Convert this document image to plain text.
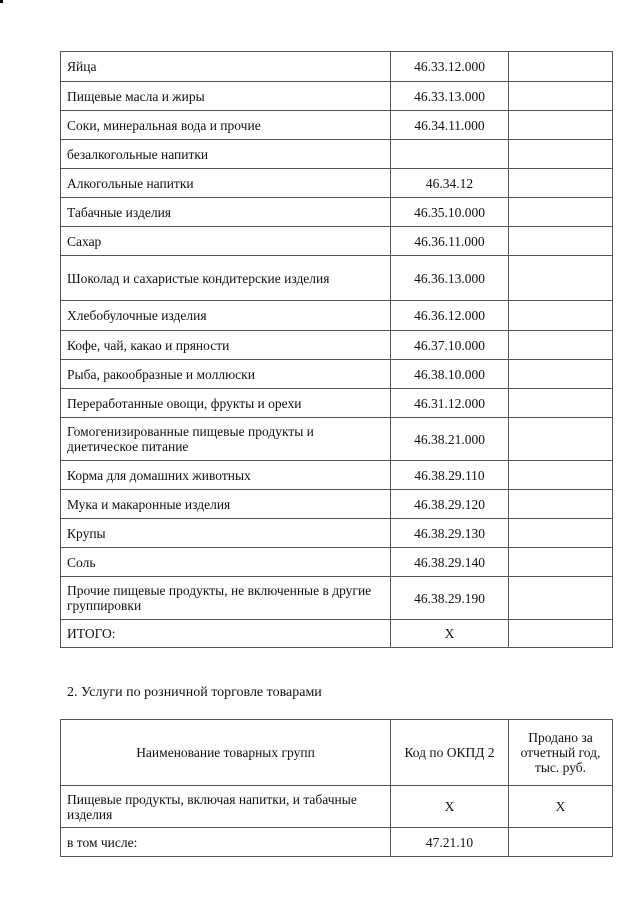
Яйца	46.33.12.000	
Пищевые масла и жиры	46.33.13.000	
Соки, минеральная вода и прочие	46.34.11.000	
безалкогольные напитки		
Алкогольные напитки	46.34.12	
Табачные изделия	46.35.10.000	
Сахар	46.36.11.000	
Шоколад и сахаристые кондитерские изделия	46.36.13.000	
Хлебобулочные изделия	46.36.12.000	
Кофе, чай, какао и пряности	46.37.10.000	
Рыба, ракообразные и моллюски	46.38.10.000	
Переработанные овощи, фрукты и орехи	46.31.12.000	
Гомогенизированные пищевые продукты и диетическое питание	46.38.21.000	
Корма для домашних животных	46.38.29.110	
Мука и макаронные изделия	46.38.29.120	
Крупы	46.38.29.130	
Соль	46.38.29.140	
Прочие пищевые продукты, не включенные в другие группировки	46.38.29.190	
ИТОГО:	X	
2. Услуги по розничной торговле товарами
Наименование товарных групп	Код по ОКПД 2	Продано за отчетный год, тыс. руб.
Пищевые продукты, включая напитки, и табачные изделия	X	X
в том числе:	47.21.10	
